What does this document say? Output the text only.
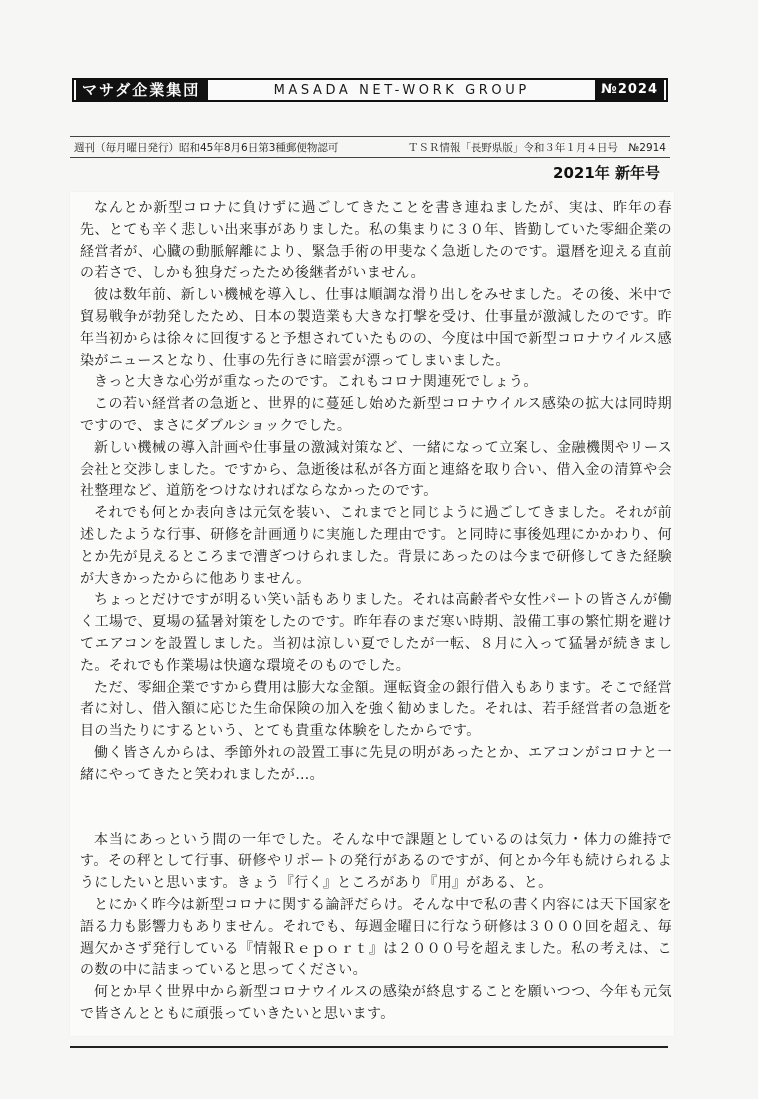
マサダ企業集団	MASADA NET-WORK GROUP	№2024
週刊（毎月曜日発行）昭和45年8月6日第3種郵便物認可	ＴＳＲ情報「長野県版」令和３年１月４日号　№2914
2021年 新年号

なんとか新型コロナに負けずに過ごしてきたことを書き連ねましたが、実は、昨年の春先、とても辛く悲しい出来事がありました。私の集まりに３０年、皆勤していた零細企業の経営者が、心臓の動脈解離により、緊急手術の甲斐なく急逝したのです。還暦を迎える直前の若さで、しかも独身だったため後継者がいません。

彼は数年前、新しい機械を導入し、仕事は順調な滑り出しをみせました。その後、米中で貿易戦争が勃発したため、日本の製造業も大きな打撃を受け、仕事量が激減したのです。昨年当初からは徐々に回復すると予想されていたものの、今度は中国で新型コロナウイルス感染がニュースとなり、仕事の先行きに暗雲が漂ってしまいました。

きっと大きな心労が重なったのです。これもコロナ関連死でしょう。

この若い経営者の急逝と、世界的に蔓延し始めた新型コロナウイルス感染の拡大は同時期ですので、まさにダブルショックでした。

新しい機械の導入計画や仕事量の激減対策など、一緒になって立案し、金融機関やリース会社と交渉しました。ですから、急逝後は私が各方面と連絡を取り合い、借入金の清算や会社整理など、道筋をつけなければならなかったのです。

それでも何とか表向きは元気を装い、これまでと同じように過ごしてきました。それが前述したような行事、研修を計画通りに実施した理由です。と同時に事後処理にかかわり、何とか先が見えるところまで漕ぎつけられました。背景にあったのは今まで研修してきた経験が大きかったからに他ありません。

ちょっとだけですが明るい笑い話もありました。それは高齢者や女性パートの皆さんが働く工場で、夏場の猛暑対策をしたのです。昨年春のまだ寒い時期、設備工事の繁忙期を避けてエアコンを設置しました。当初は涼しい夏でしたが一転、８月に入って猛暑が続きました。それでも作業場は快適な環境そのものでした。

ただ、零細企業ですから費用は膨大な金額。運転資金の銀行借入もあります。そこで経営者に対し、借入額に応じた生命保険の加入を強く勧めました。それは、若手経営者の急逝を目の当たりにするという、とても貴重な体験をしたからです。

働く皆さんからは、季節外れの設置工事に先見の明があったとか、エアコンがコロナと一緒にやってきたと笑われましたが…。

本当にあっという間の一年でした。そんな中で課題としているのは気力・体力の維持です。その秤として行事、研修やリポートの発行があるのですが、何とか今年も続けられるようにしたいと思います。きょう『行く』ところがあり『用』がある、と。

とにかく昨今は新型コロナに関する論評だらけ。そんな中で私の書く内容には天下国家を語る力も影響力もありません。それでも、毎週金曜日に行なう研修は３０００回を超え、毎週欠かさず発行している『情報Ｒｅｐｏｒｔ』は２０００号を超えました。私の考えは、この数の中に詰まっていると思ってください。

何とか早く世界中から新型コロナウイルスの感染が終息することを願いつつ、今年も元気で皆さんとともに頑張っていきたいと思います。
